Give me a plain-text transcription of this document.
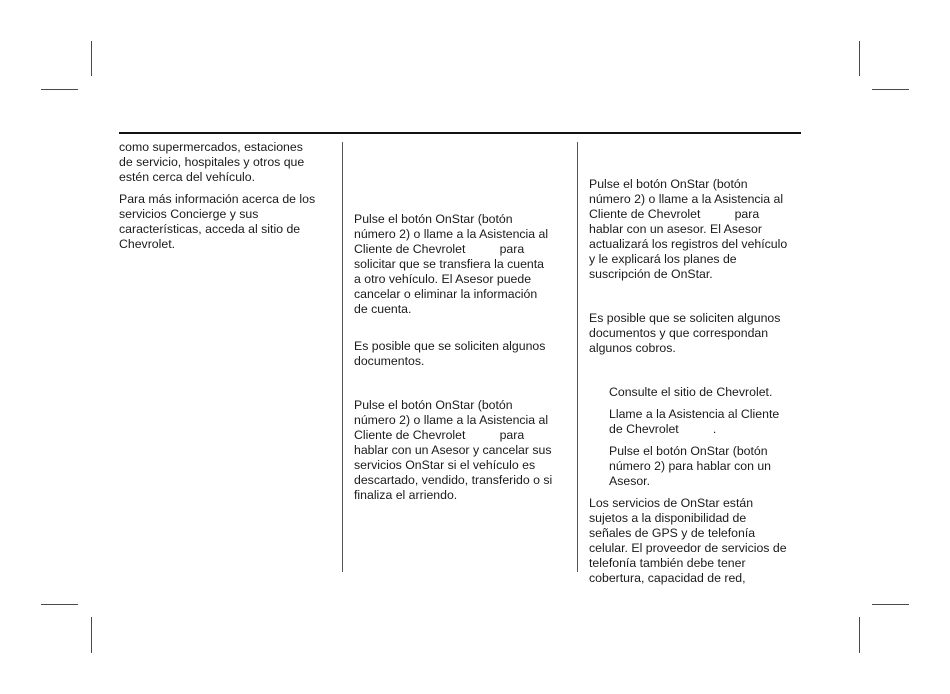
como supermercados, estaciones

de servicio, hospitales y otros que

estén cerca del vehículo.

Para más información acerca de los

servicios Concierge y sus

características, acceda al sitio de

Chevrolet.

Pulse el botón OnStar (botón

número 2) o llame a la Asistencia al

Cliente de Chevrolet          para

solicitar que se transfiera la cuenta

a otro vehículo. El Asesor puede

cancelar o eliminar la información

de cuenta.

Es posible que se soliciten algunos

documentos.

Pulse el botón OnStar (botón

número 2) o llame a la Asistencia al

Cliente de Chevrolet          para

hablar con un Asesor y cancelar sus

servicios OnStar si el vehículo es

descartado, vendido, transferido o si

finaliza el arriendo.

Pulse el botón OnStar (botón

número 2) o llame a la Asistencia al

Cliente de Chevrolet          para

hablar con un asesor. El Asesor

actualizará los registros del vehículo

y le explicará los planes de

suscripción de OnStar.

Es posible que se soliciten algunos

documentos y que correspondan

algunos cobros.

Consulte el sitio de Chevrolet.

Llame a la Asistencia al Cliente

de Chevrolet          .

Pulse el botón OnStar (botón

número 2) para hablar con un

Asesor.

Los servicios de OnStar están

sujetos a la disponibilidad de

señales de GPS y de telefonía

celular. El proveedor de servicios de

telefonía también debe tener

cobertura, capacidad de red,
